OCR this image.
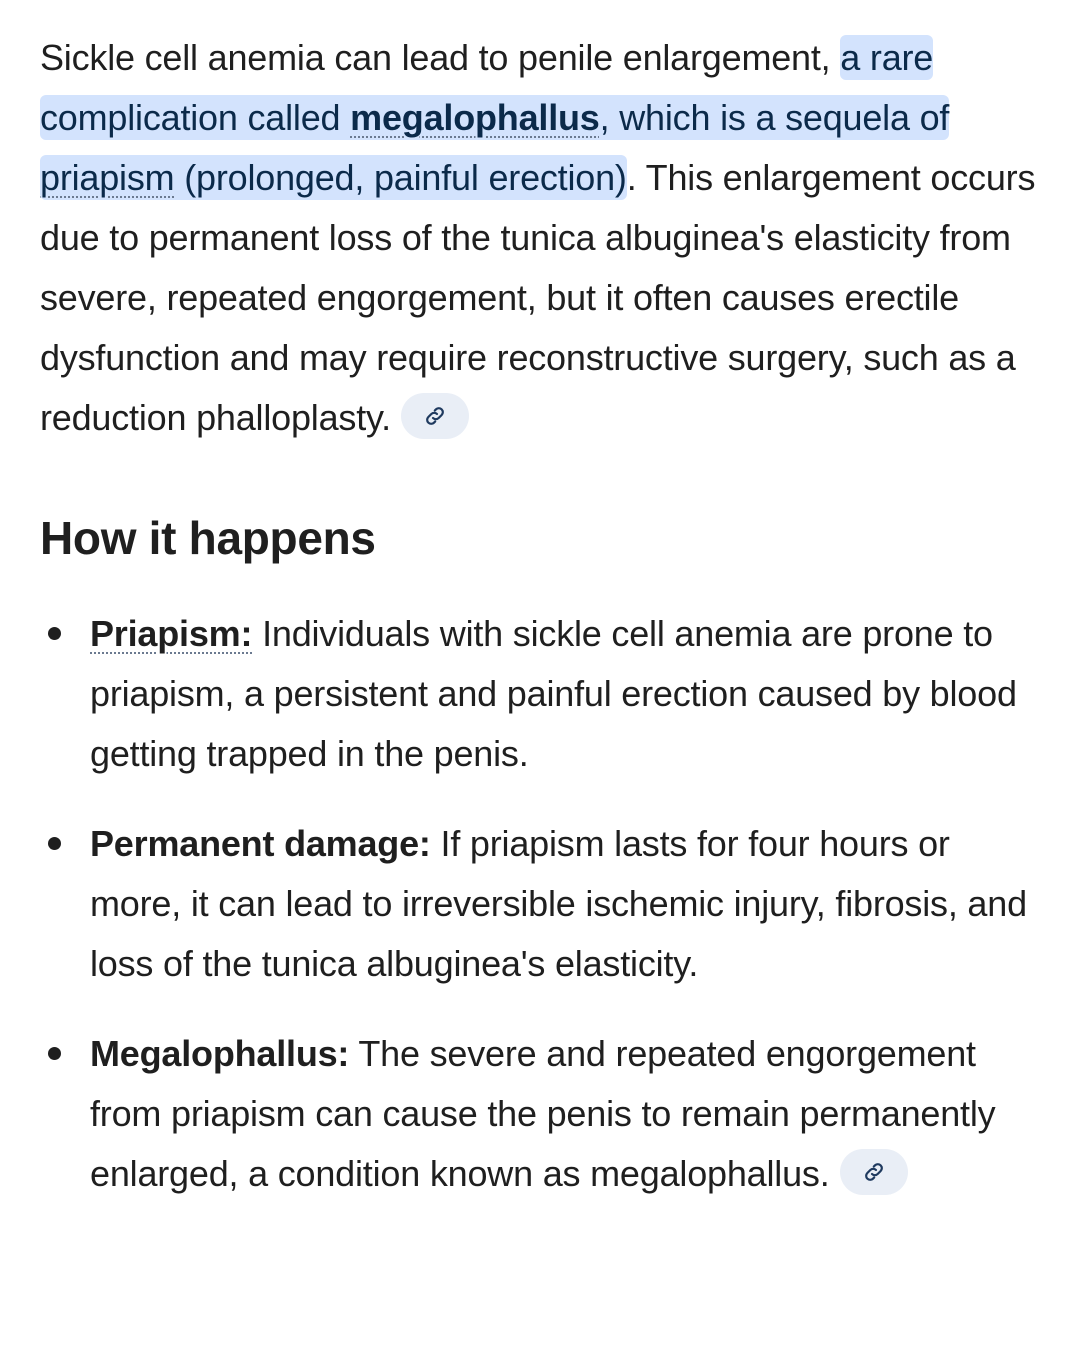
Sickle cell anemia can lead to penile enlargement, a rare complication called megalophallus, which is a sequela of priapism (prolonged, painful erection). This enlargement occurs due to permanent loss of the tunica albuginea's elasticity from severe, repeated engorgement, but it often causes erectile dysfunction and may require reconstructive surgery, such as a reduction phalloplasty.

How it happens
Priapism: Individuals with sickle cell anemia are prone to priapism, a persistent and painful erection caused by blood getting trapped in the penis.
Permanent damage: If priapism lasts for four hours or more, it can lead to irreversible ischemic injury, fibrosis, and loss of the tunica albuginea's elasticity.
Megalophallus: The severe and repeated engorgement from priapism can cause the penis to remain permanently enlarged, a condition known as megalophallus.
